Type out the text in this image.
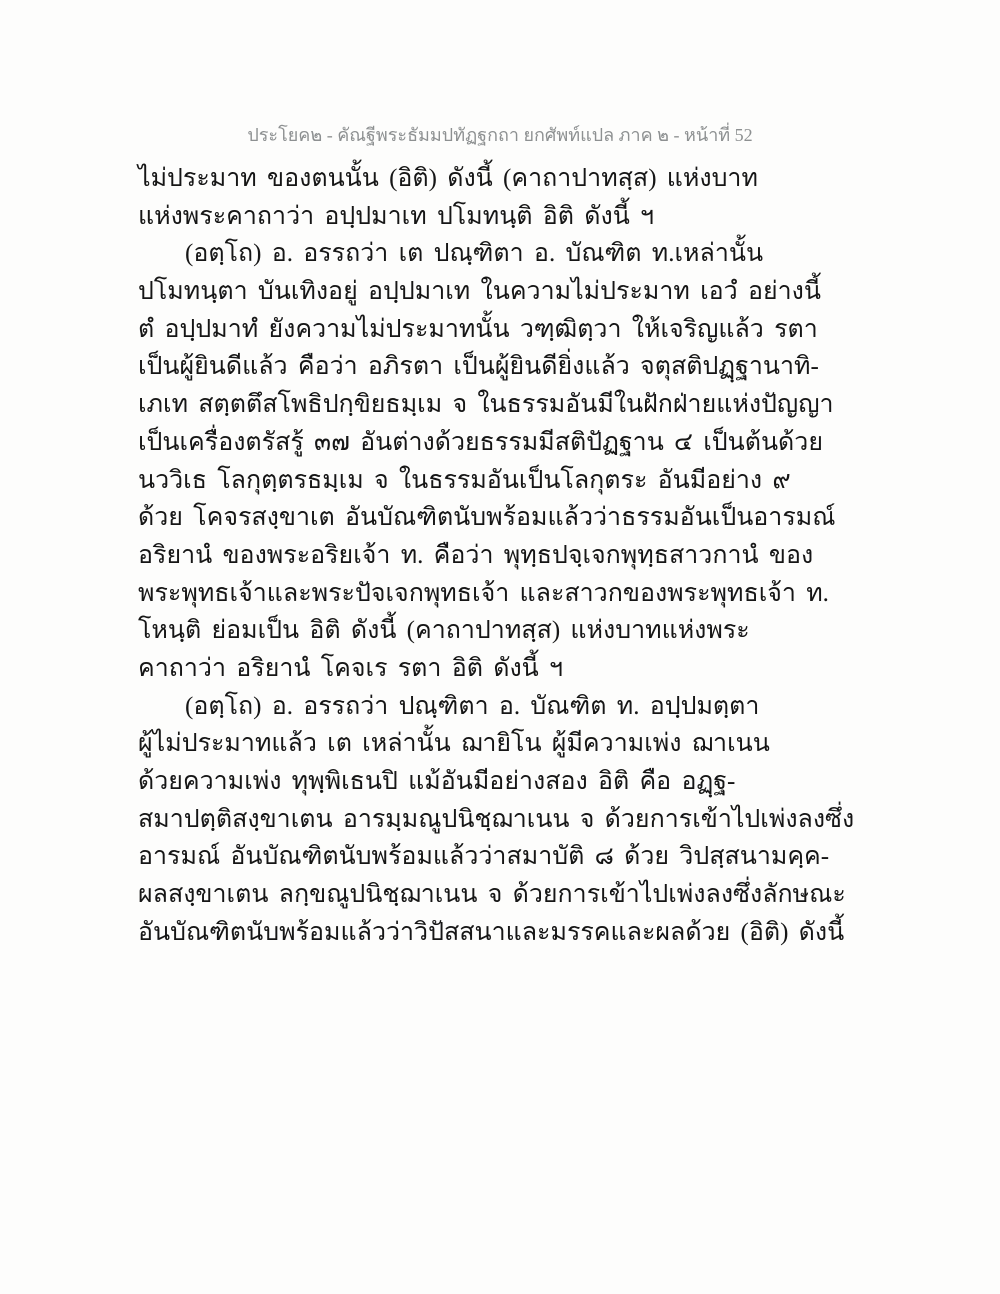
ประโยค๒ - คัณฐีพระธัมมปทัฏฐกถา ยกศัพท์แปล ภาค ๒ - หน้าที่ 52
ไม่ประมาท ของตนนั้น (อิติ) ดังนี้ (คาถาปาทสฺส) แห่งบาท
แห่งพระคาถาว่า อปฺปมาเท ปโมทนฺติ อิติ ดังนี้ ฯ
(อตฺโถ) อ. อรรถว่า เต ปณฺฑิตา อ. บัณฑิต ท.เหล่านั้น
ปโมทนฺตา บันเทิงอยู่ อปฺปมาเท ในความไม่ประมาท เอวํ อย่างนี้
ตํ อปฺปมาทํ ยังความไม่ประมาทนั้น วฑฺฒิตฺวา ให้เจริญแล้ว รตา
เป็นผู้ยินดีแล้ว คือว่า อภิรตา เป็นผู้ยินดียิ่งแล้ว จตุสติปฏฺฐานาทิ-
เภเท สตฺตตึสโพธิปกฺขิยธมฺเม จ ในธรรมอันมีในฝักฝ่ายแห่งปัญญา
เป็นเครื่องตรัสรู้ ๓๗ อันต่างด้วยธรรมมีสติปัฏฐาน ๔ เป็นต้นด้วย
นววิเธ โลกุตฺตรธมฺเม จ ในธรรมอันเป็นโลกุตระ อันมีอย่าง ๙
ด้วย โคจรสงฺขาเต อันบัณฑิตนับพร้อมแล้วว่าธรรมอันเป็นอารมณ์
อริยานํ ของพระอริยเจ้า ท. คือว่า พุทฺธปจฺเจกพุทฺธสาวกานํ ของ
พระพุทธเจ้าและพระปัจเจกพุทธเจ้า และสาวกของพระพุทธเจ้า ท.
โหนฺติ ย่อมเป็น อิติ ดังนี้ (คาถาปาทสฺส) แห่งบาทแห่งพระ
คาถาว่า อริยานํ โคจเร รตา อิติ ดังนี้ ฯ
(อตฺโถ) อ. อรรถว่า ปณฺฑิตา อ. บัณฑิต ท. อปฺปมตฺตา
ผู้ไม่ประมาทแล้ว เต เหล่านั้น ฌายิโน ผู้มีความเพ่ง ฌาเนน
ด้วยความเพ่ง ทุพฺพิเธนปิ แม้อันมีอย่างสอง อิติ คือ อฏฺฐ-
สมาปตฺติสงฺขาเตน อารมฺมณูปนิชฺฌาเนน จ ด้วยการเข้าไปเพ่งลงซึ่ง
อารมณ์ อันบัณฑิตนับพร้อมแล้วว่าสมาบัติ ๘ ด้วย วิปสฺสนามคฺค-
ผลสงฺขาเตน ลกฺขณูปนิชฺฌาเนน จ ด้วยการเข้าไปเพ่งลงซึ่งลักษณะ
อันบัณฑิตนับพร้อมแล้วว่าวิปัสสนาและมรรคและผลด้วย (อิติ) ดังนี้
